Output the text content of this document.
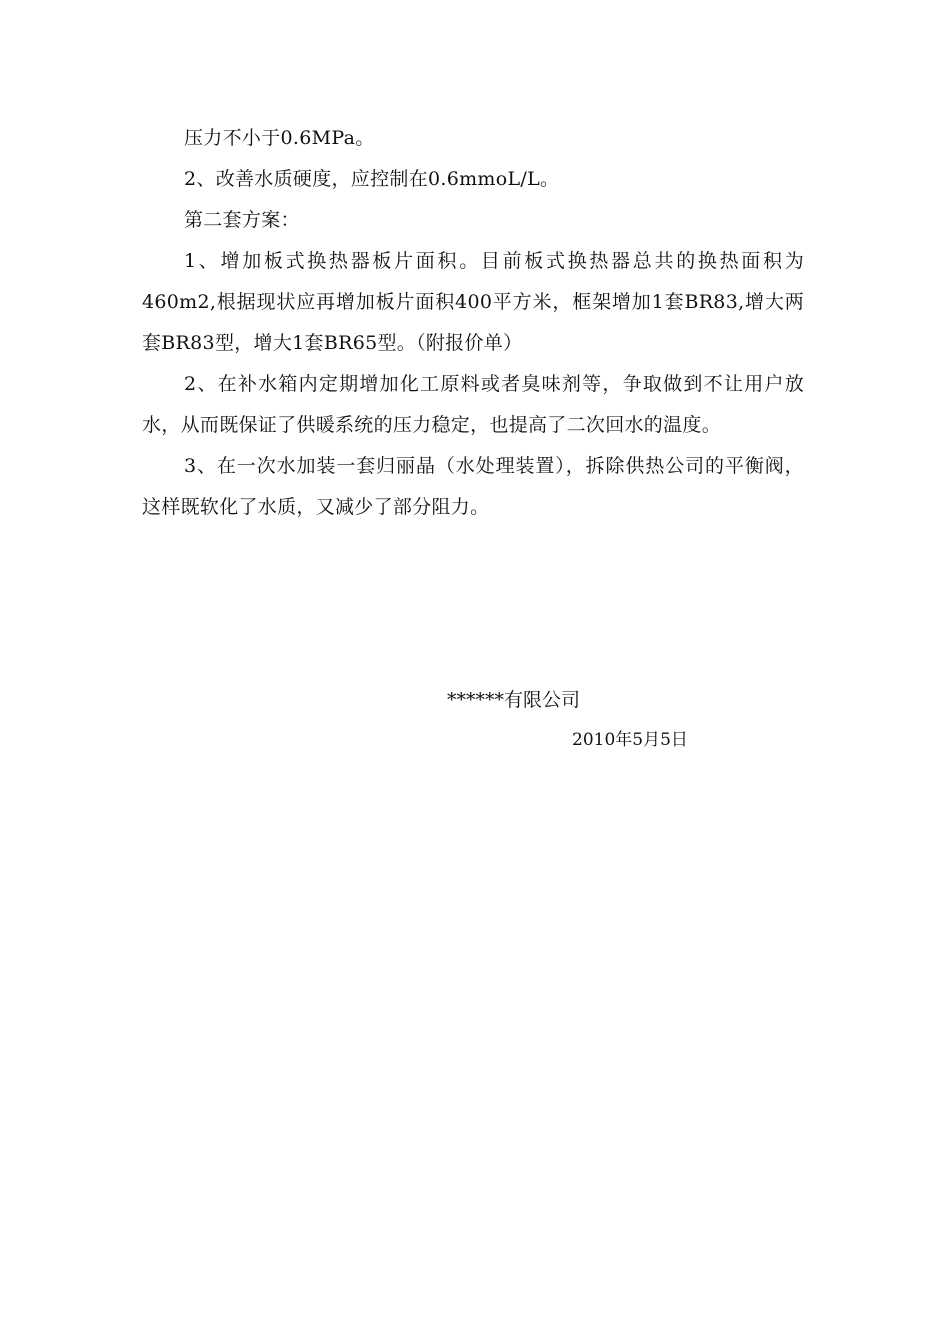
压力不小于0.6MPa。

2、改善水质硬度，应控制在0.6mmoL/L。

第二套方案：

1、增加板式换热器板片面积。目前板式换热器总共的换热面积为460m2,根据现状应再增加板片面积400平方米，框架增加1套BR83,增大两套BR83型，增大1套BR65型。（附报价单）

2、在补水箱内定期增加化工原料或者臭味剂等，争取做到不让用户放水，从而既保证了供暖系统的压力稳定，也提高了二次回水的温度。

3、在一次水加装一套归丽晶（水处理装置），拆除供热公司的平衡阀，这样既软化了水质，又减少了部分阻力。

******有限公司
2010年5月5日
